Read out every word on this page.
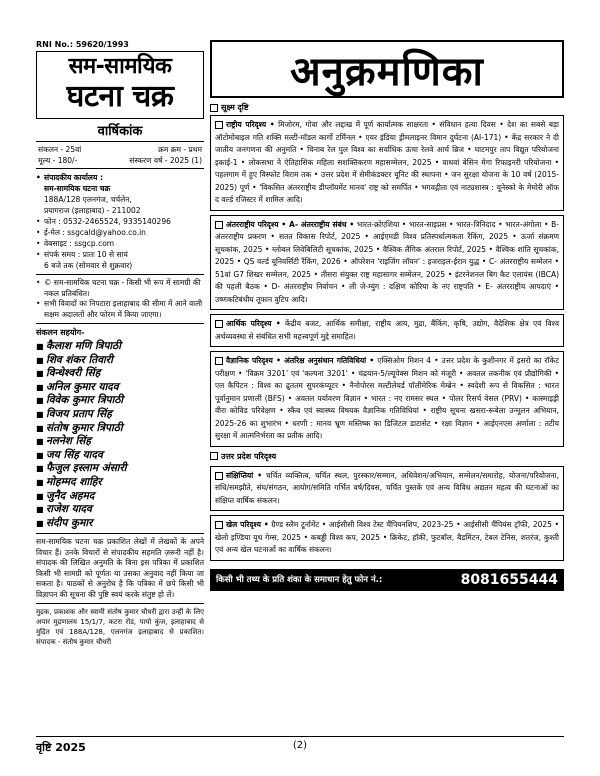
RNI No.: 59620/1993
सम-सामयिक
घटना चक्र
वार्षिकांक
संकलन - 25वां	क्रम क्रम - प्रथम
मूल्य - 180/-	संस्करण वर्ष - 2025 (1)
• संपादकीय कार्यालय :
सम-सामयिक घटना चक्र
188A/128 एलनगंज, चर्चलेन,
प्रयागराज (इलाहाबाद) - 211002
• फोन : 0532-2465524, 9335140296
• ई-मेल : ssgcald@yahoo.co.in
• वेबसाइट : ssgcp.com
• संपर्क समय : प्रातः 10 से सायं
6 बजे तक (सोमवार से शुक्रवार)
• © सम-सामयिक घटना चक्र - किसी भी रूप में सामग्री की नकल प्रतिबंधित।
• सभी विवादों का निपटारा इलाहाबाद की सीमा में आने वाली सक्षम अदालतों और फोरम में किया जाएगा।
संकलन सहयोग-
■ कैलाश मणि त्रिपाठी
■ शिव शंकर तिवारी
■ विन्धेश्वरी सिंह
■ अनिल कुमार यादव
■ विवेक कुमार त्रिपाठी
■ विजय प्रताप सिंह
■ संतोष कुमार त्रिपाठी
■ नलनेश सिंह
■ जय सिंह यादव
■ फैजुल इस्लाम अंसारी
■ मोहम्मद शाहिर
■ जुनैद अहमद
■ राजेश यादव
■ संदीप कुमार
सम-सामयिक घटना चक्र प्रकाशित लेखों में लेखकों के अपने विचार हैं। उनके विचारों से संपादकीय सहमति ज़रूरी नहीं है। संपादक की लिखित अनुमति के बिना इस पत्रिका में प्रकाशित किसी भी सामग्री को पूर्णतः या उसका अनुवाद नहीं किया जा सकता है। पाठकों से अनुरोध है कि पत्रिका में छपे किसी भी विज्ञापन की सूचना की पुष्टि स्वयं करके संतुष्ट हो लें।
मुद्रक, प्रकाशक और स्वामी संतोष कुमार चौधरी द्वारा उन्हीं के लिए अपार मुद्रणालय 15/1/7, कटरा रोड, पायो कुंज, इलाहाबाद से मुद्रित एवं 188A/128, एलनगंज इलाहाबाद से प्रकाशित। संपादक - संतोष कुमार चौधरी
अनुक्रमणिका
सूक्ष्म दृष्टि
राष्ट्रीय परिदृश्य • मिजोरम, गोवा और लद्दाख में पूर्ण कार्यात्मक साक्षरता • संविधान हत्या दिवस • देश का सबसे बड़ा ऑटोमोबाइल गति शक्ति मल्टी-मॉडल कार्गो टर्मिनल • एयर इंडिया ड्रीमलाइनर विमान दुर्घटना (AI-171) • केंद्र सरकार ने दी जातीय जनगणना की अनुमति • चिनाब रेल पुल विश्व का सर्वाधिक ऊंचा रेलवे आर्च ब्रिज • घाटमपुर ताप विद्युत परियोजना इकाई-1 • लोकसभा ने ऐतिहासिक महिला सशक्तिकरण महासम्मेलन, 2025 • वाधवां बेसिन मेगा रिफाइनरी परियोजना • पहलगाम में हुए विस्फोट विराम तक • उत्तर प्रदेश में सेमीकंडक्टर यूनिट की स्थापना • जन सुरक्षा योजना के 10 वर्ष (2015-2025) पूर्ण • 'विकसित अंतरराष्ट्रीय डीप्लॉयमेंट मानव' राष्ट्र को समर्पित • भगवद्गीता एवं नाट्यशास्त्र : यूनेस्को के मेमोरी ऑफ द वर्ल्ड रजिस्टर में शामिल आदि।
अंतरराष्ट्रीय परिदृश्य • A- अंतरराष्ट्रीय संबंध • भारत-क्रोएशिया • भारत-साइप्रस • भारत-त्रिनिदाद • भारत-अंगोला • B- अंतरराष्ट्रीय प्रकरण • सतत विकास रिपोर्ट, 2025 • आईएमडी विश्व प्रतिस्पर्धात्मकता रैंकिंग, 2025 • ऊर्जा संक्रमण सूचकांक, 2025 • ग्लोबल लिवेबिलिटी सूचकांक, 2025 • वैश्विक लैंगिक अंतराल रिपोर्ट, 2025 • वैश्विक शांति सूचकांक, 2025 • QS वर्ल्ड यूनिवर्सिटी रैंकिंग, 2026 • ऑपरेशन 'राइजिंग लॉयन' : इजराइल-ईरान युद्ध • C- अंतरराष्ट्रीय सम्मेलन • 51वां G7 शिखर सम्मेलन, 2025 • तीसरा संयुक्त राष्ट्र महासागर सम्मेलन, 2025 • इंटरनेशनल बिग कैट एलायंस (IBCA) की पहली बैठक • D- अंतरराष्ट्रीय निर्वाचन • ली जे-म्युंग : दक्षिण कोरिया के नए राष्ट्रपति • E- अंतरराष्ट्रीय आपदाएं • उष्णकटिबंधीय तूफान वुटिप आदि।
आर्थिक परिदृश्य • केंद्रीय बजट, आर्थिक समीक्षा, राष्ट्रीय आय, मुद्रा, बैंकिंग, कृषि, उद्योग, वैदेशिक क्षेत्र एवं विश्व अर्थव्यवस्था से संबंधित सभी महत्त्वपूर्ण मुद्दे समाहित।
वैज्ञानिक परिदृश्य • अंतरिक्ष अनुसंधान गतिविधियां • एक्सिओम मिशन 4 • उत्तर प्रदेश के कुशीनगर में इसरो का रॉकेट परीक्षण • 'विक्रम 3201' एवं 'कल्पना 3201' • चंद्रयान-5/ल्यूपेक्स मिशन को मंजूरी • अवतल तकनीक एवं प्रौद्योगिकी • एल कैपिटन : विश्व का द्रुततम सुपरकंप्यूटर • नैनोपोरस मल्टीलेयर्ड पॉलीमेरिक मेम्ब्रेन • स्वदेशी रूप से विकसित : भारत पूर्वानुमान प्रणाली (BFS) • अवतल पर्यावरण विज्ञान • भारत : नए रामसर स्थल • पोलर रिसर्च वेसल (PRV) • कास्माइड्री वीरा कोविड परिवेक्षण • स्कैब एवं स्वास्थ्य विषयक वैज्ञानिक गतिविधियां • राष्ट्रीय सूचना खसरा-रूबेला उन्मूलन अभियान, 2025-26 का शुभारंभ • धरणी : मानव भ्रूण मस्तिष्क का डिजिटल डाटासेट • रक्षा विज्ञान • आईएनएस अर्णाला : तटीय सुरक्षा में आत्मनिर्भरता का प्रतीक आदि।
उत्तर प्रदेश परिदृश्य
संक्षिप्तियां • चर्चित व्यक्तित्व, चर्चित स्थल, पुरस्कार/सम्मान, अधिवेशन/अभियान, सम्मेलन/समारोह, योजना/परियोजना, संधि/समझौते, संघ/संगठन, आयोग/समिति गर्भित वर्ष/दिवस, चर्चित पुस्तकें एवं अन्य विविध अद्यतन महत्व की घटनाओं का संक्षिप्त वार्षिक संकलन।
खेल परिदृश्य • ग्रैण्ड स्लैम टूर्नामेंट • आईसीसी विश्व टेस्ट चैंपियनशिप, 2023-25 • आईसीसी चैंपियंस ट्रॉफी, 2025 • खेलो इण्डिया यूथ गेम्स, 2025 • कबड्डी विश्व कप, 2025 • क्रिकेट, हॉकी, फुटबॉल, बैडमिंटन, टेबल टेनिस, शतरंज, कुश्ती एवं अन्य खेल घटनाओं का वार्षिक संकलन।
किसी भी तथ्य के प्रति शंका के समाधान हेतु फोन नं.:	8081655444
वृष्टि 2025	(2)
